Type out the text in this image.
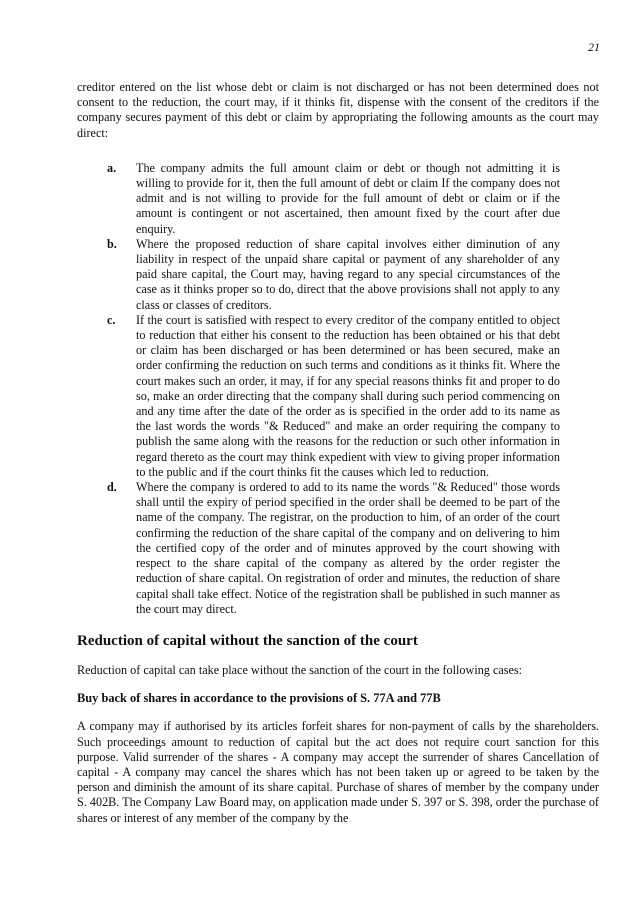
21

creditor entered on the list whose debt or claim is not discharged or has not been determined does not consent to the reduction, the court may, if it thinks fit, dispense with the consent of the creditors if the company secures payment of this debt or claim by appropriating the following amounts as the court may direct:

a.	The company admits the full amount claim or debt or though not admitting it is willing to provide for it, then the full amount of debt or claim If the company does not admit and is not willing to provide for the full amount of debt or claim or if the amount is contingent or not ascertained, then amount fixed by the court after due enquiry.
b.	Where the proposed reduction of share capital involves either diminution of any liability in respect of the unpaid share capital or payment of any shareholder of any paid share capital, the Court may, having regard to any special circumstances of the case as it thinks proper so to do, direct that the above provisions shall not apply to any class or classes of creditors.
c.	If the court is satisfied with respect to every creditor of the company entitled to object to reduction that either his consent to the reduction has been obtained or his that debt or claim has been discharged or has been determined or has been secured, make an order confirming the reduction on such terms and conditions as it thinks fit. Where the court makes such an order, it may, if for any special reasons thinks fit and proper to do so, make an order directing that the company shall during such period commencing on and any time after the date of the order as is specified in the order add to its name as the last words the words "& Reduced" and make an order requiring the company to publish the same along with the reasons for the reduction or such other information in regard thereto as the court may think expedient with view to giving proper information to the public and if the court thinks fit the causes which led to reduction.
d.	Where the company is ordered to add to its name the words "& Reduced" those words shall until the expiry of period specified in the order shall be deemed to be part of the name of the company. The registrar, on the production to him, of an order of the court confirming the reduction of the share capital of the company and on delivering to him the certified copy of the order and of minutes approved by the court showing with respect to the share capital of the company as altered by the order register the reduction of share capital. On registration of order and minutes, the reduction of share capital shall take effect. Notice of the registration shall be published in such manner as the court may direct.
Reduction of capital without the sanction of the court

Reduction of capital can take place without the sanction of the court in the following cases:

Buy back of shares in accordance to the provisions of S. 77A and 77B

A company may if authorised by its articles forfeit shares for non-payment of calls by the shareholders. Such proceedings amount to reduction of capital but the act does not require court sanction for this purpose. Valid surrender of the shares - A company may accept the surrender of shares Cancellation of capital - A company may cancel the shares which has not been taken up or agreed to be taken by the person and diminish the amount of its share capital. Purchase of shares of member by the company under S. 402B. The Company Law Board may, on application made under S. 397 or S. 398, order the purchase of shares or interest of any member of the company by the
